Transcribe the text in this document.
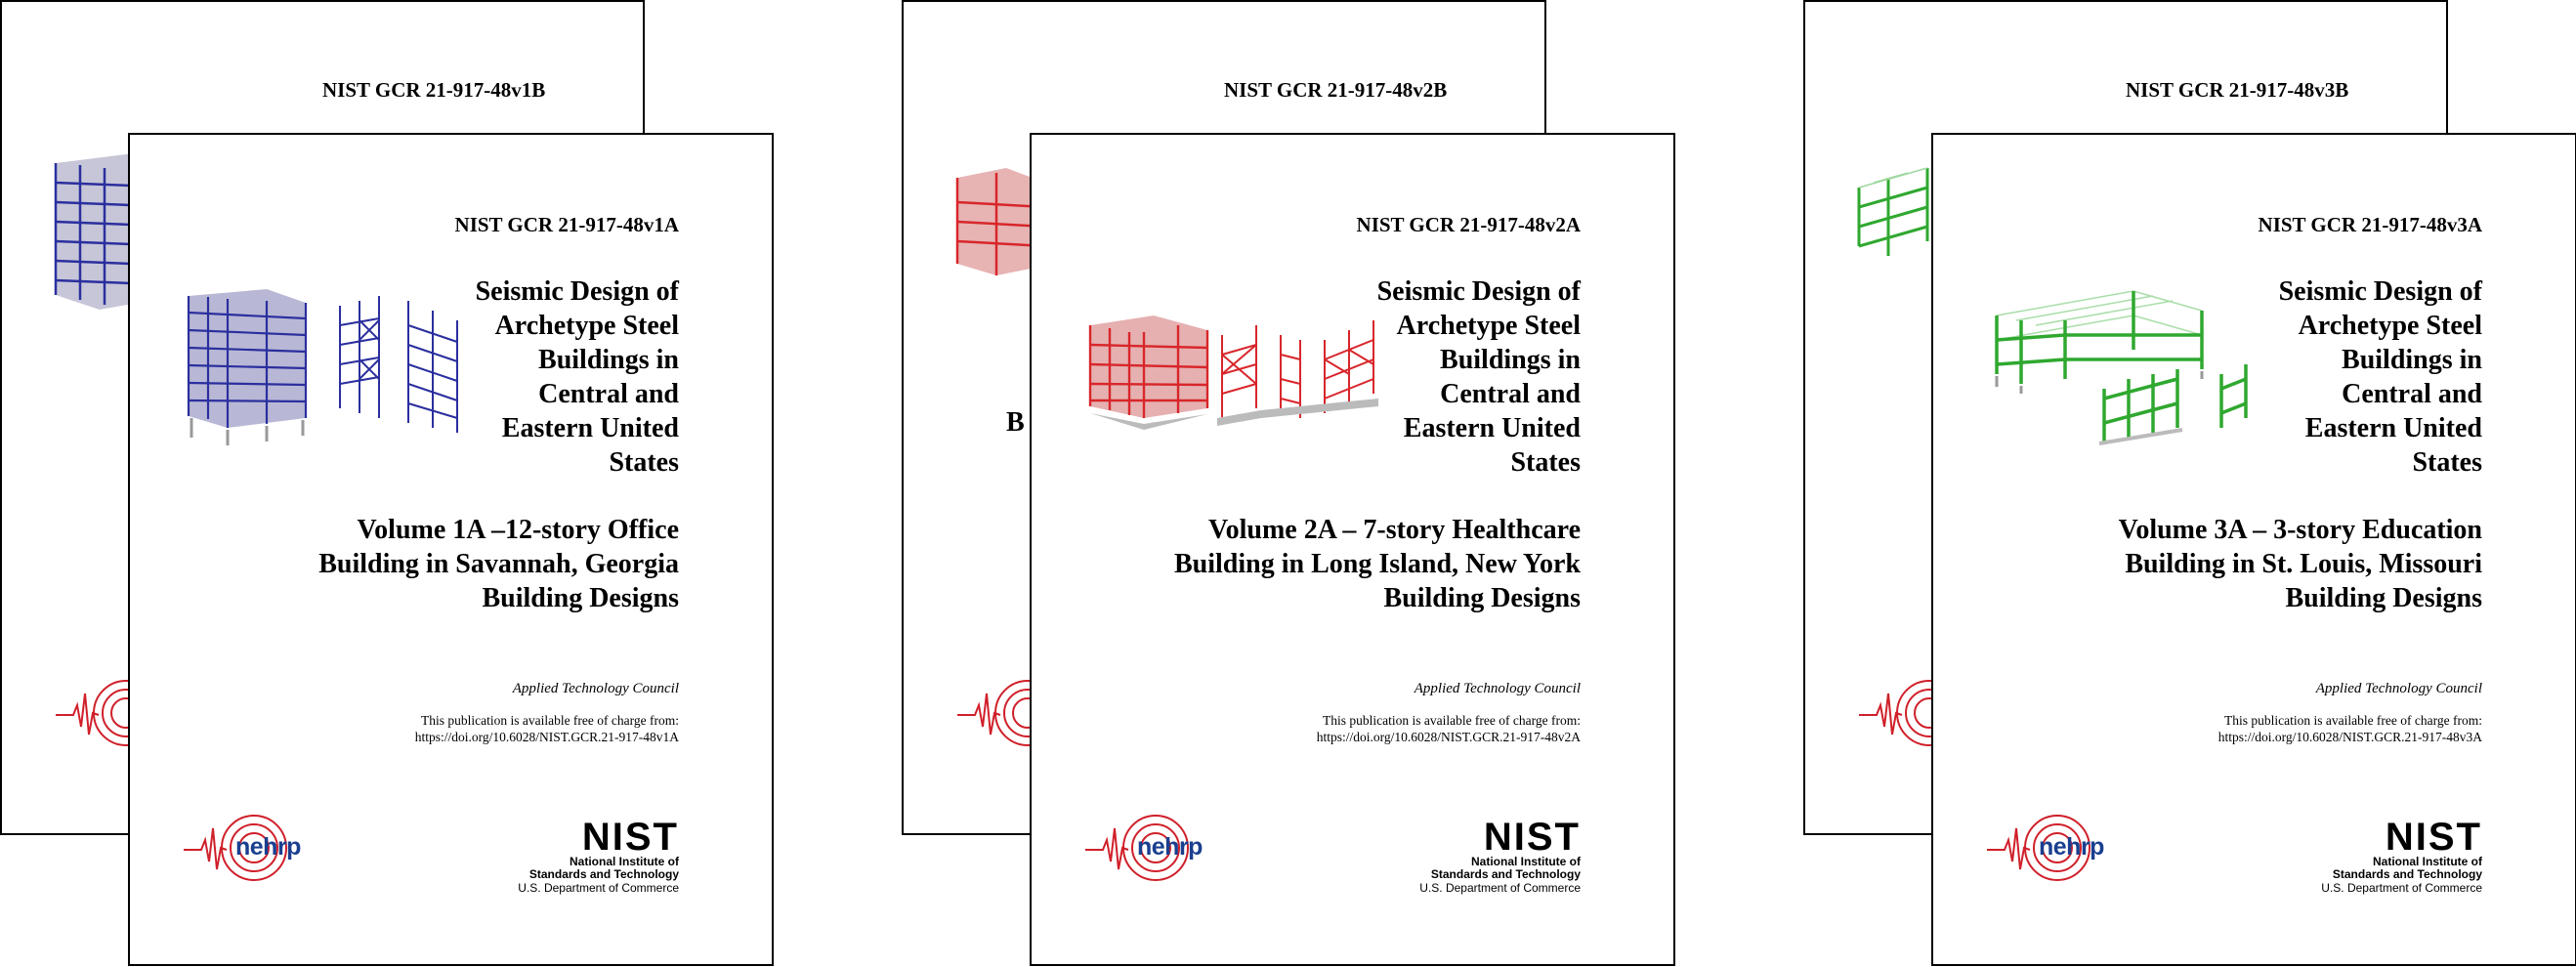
NIST GCR 21-917-48v1B
NIST GCR 21-917-48v1A
Seismic Design of
Archetype Steel
Buildings in
Central and
Eastern United
States
Volume 1A –12-story Office
Building in Savannah, Georgia
Building Designs
Applied Technology Council
This publication is available free of charge from:
https://doi.org/10.6028/NIST.GCR.21-917-48v1A
nehrp	NIST
National Institute of
Standards and Technology
U.S. Department of Commerce
NIST GCR 21-917-48v2B
B
NIST GCR 21-917-48v2A
Seismic Design of
Archetype Steel
Buildings in
Central and
Eastern United
States
Volume 2A – 7-story Healthcare
Building in Long Island, New York
Building Designs
Applied Technology Council
This publication is available free of charge from:
https://doi.org/10.6028/NIST.GCR.21-917-48v2A
nehrp	NIST
National Institute of
Standards and Technology
U.S. Department of Commerce
NIST GCR 21-917-48v3B
NIST GCR 21-917-48v3A
Seismic Design of
Archetype Steel
Buildings in
Central and
Eastern United
States
Volume 3A – 3-story Education
Building in St. Louis, Missouri
Building Designs
Applied Technology Council
This publication is available free of charge from:
https://doi.org/10.6028/NIST.GCR.21-917-48v3A
nehrp	NIST
National Institute of
Standards and Technology
U.S. Department of Commerce
